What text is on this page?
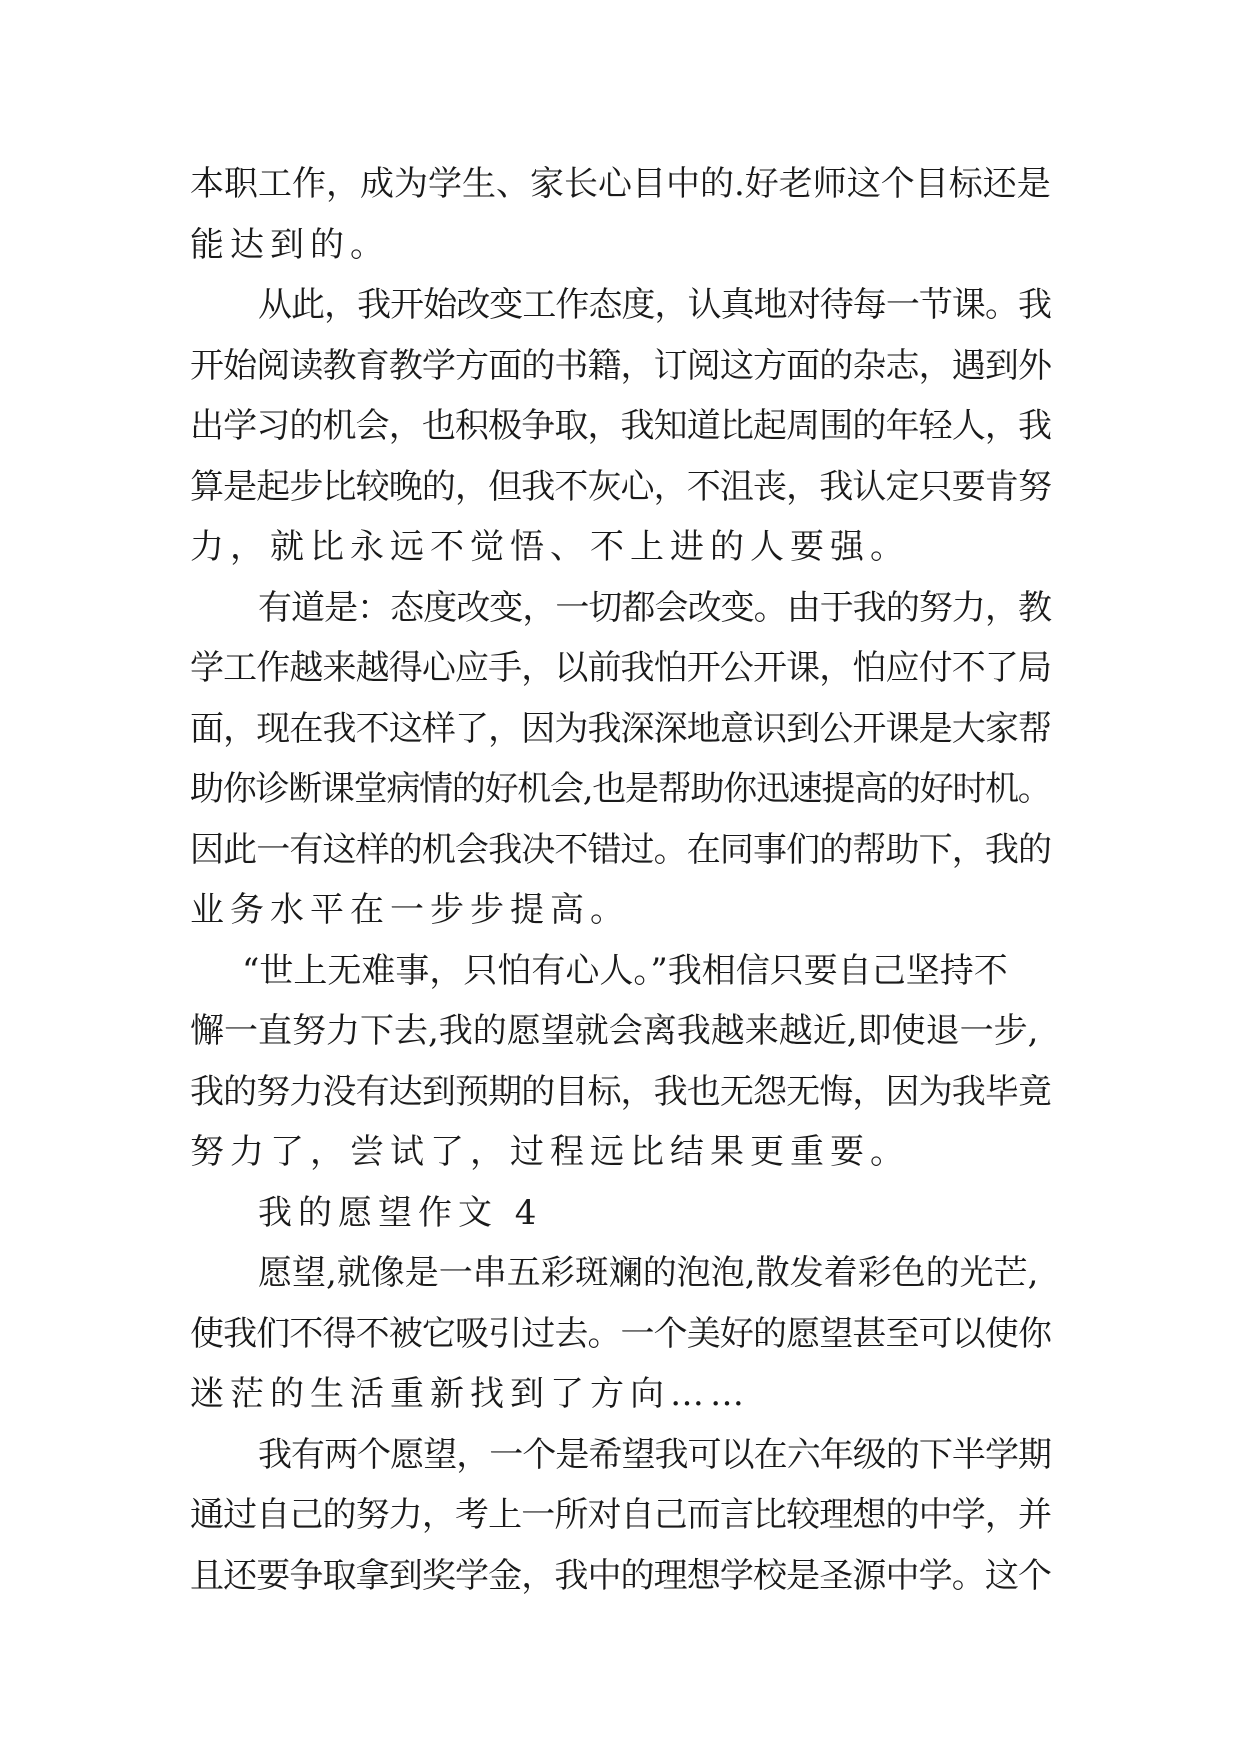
本职工作，成为学生、家长心目中的.好老师这个目标还是
能达到的。

从此，我开始改变工作态度，认真地对待每一节课。我
开始阅读教育教学方面的书籍，订阅这方面的杂志，遇到外
出学习的机会，也积极争取，我知道比起周围的年轻人，我
算是起步比较晚的，但我不灰心，不沮丧，我认定只要肯努
力，就比永远不觉悟、不上进的人要强。

有道是：态度改变，一切都会改变。由于我的努力，教
学工作越来越得心应手，以前我怕开公开课，怕应付不了局
面，现在我不这样了，因为我深深地意识到公开课是大家帮
助你诊断课堂病情的好机会,也是帮助你迅速提高的好时机。
因此一有这样的机会我决不错过。在同事们的帮助下，我的
业务水平在一步步提高。

“世上无难事，只怕有心人。”我相信只要自己坚持不
懈一直努力下去,我的愿望就会离我越来越近,即使退一步,
我的努力没有达到预期的目标，我也无怨无悔，因为我毕竟
努力了，尝试了，过程远比结果更重要。

我的愿望作文 4

愿望,就像是一串五彩斑斓的泡泡,散发着彩色的光芒,
使我们不得不被它吸引过去。一个美好的愿望甚至可以使你
迷茫的生活重新找到了方向……

我有两个愿望，一个是希望我可以在六年级的下半学期
通过自己的努力，考上一所对自己而言比较理想的中学，并
且还要争取拿到奖学金，我中的理想学校是圣源中学。这个
